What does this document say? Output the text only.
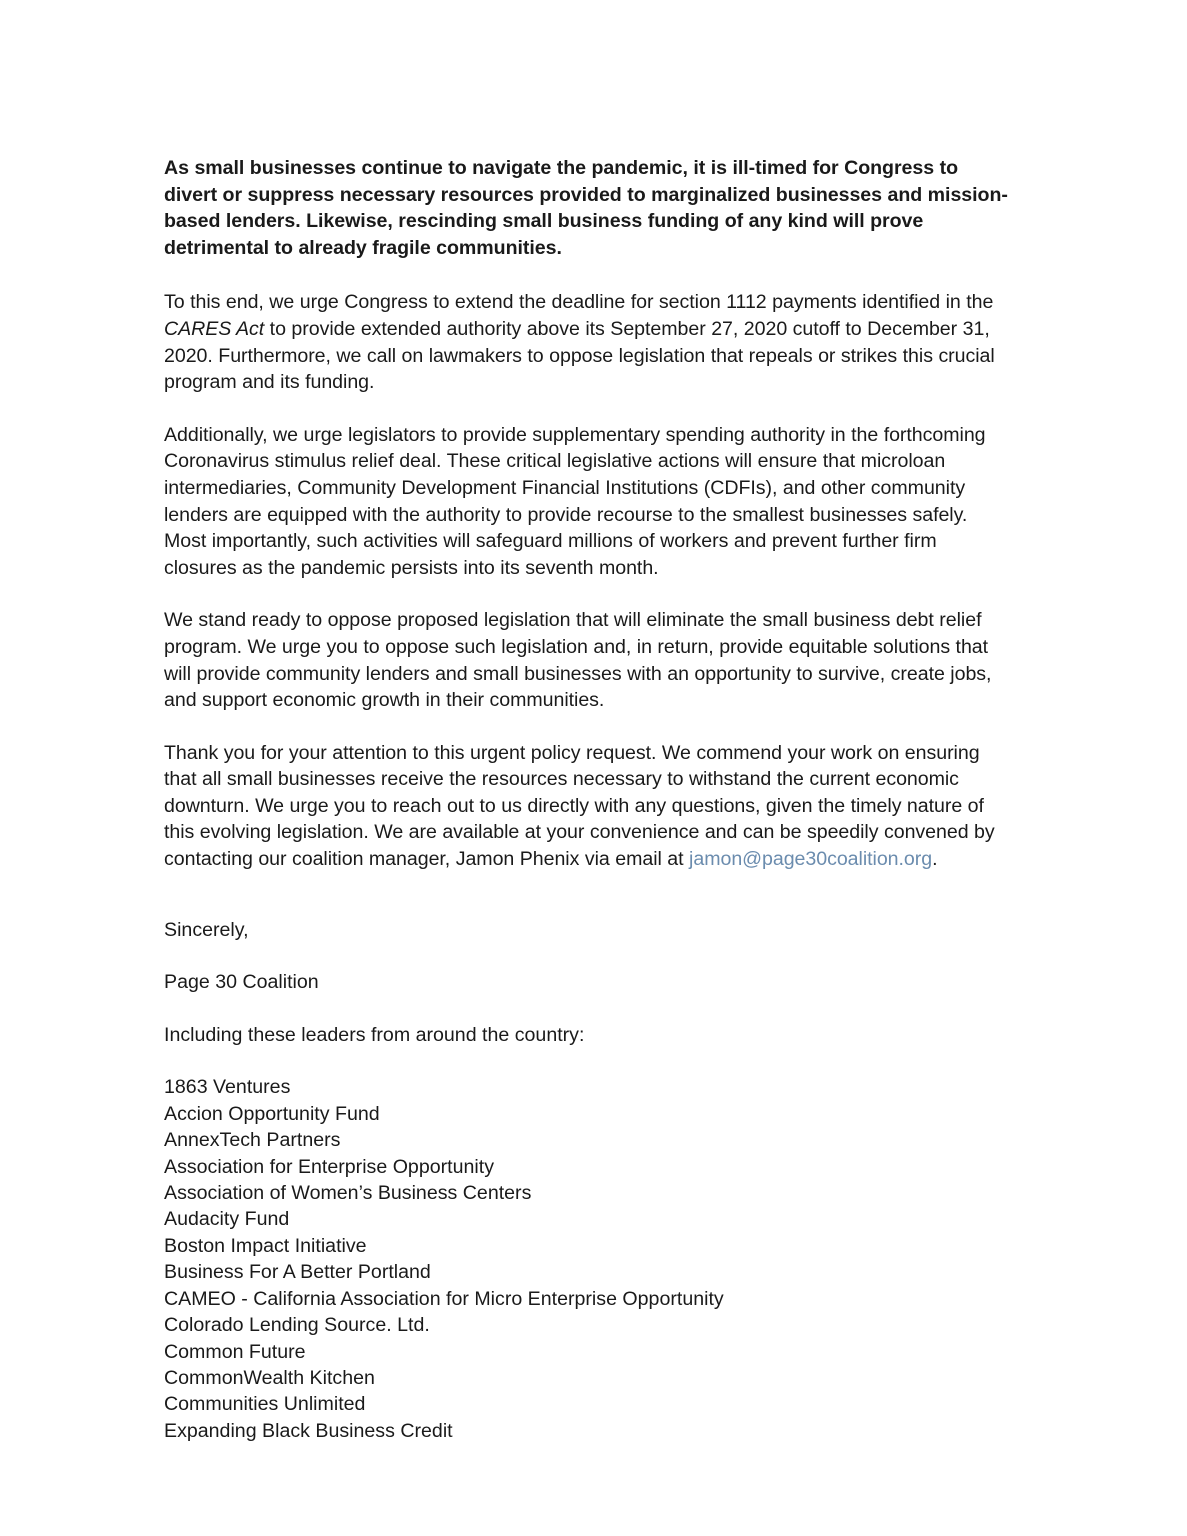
As small businesses continue to navigate the pandemic, it is ill-timed for Congress to divert or suppress necessary resources provided to marginalized businesses and mission-based lenders. Likewise, rescinding small business funding of any kind will prove detrimental to already fragile communities.

To this end, we urge Congress to extend the deadline for section 1112 payments identified in the CARES Act to provide extended authority above its September 27, 2020 cutoff to December 31, 2020. Furthermore, we call on lawmakers to oppose legislation that repeals or strikes this crucial program and its funding.

Additionally, we urge legislators to provide supplementary spending authority in the forthcoming Coronavirus stimulus relief deal. These critical legislative actions will ensure that microloan intermediaries, Community Development Financial Institutions (CDFIs), and other community lenders are equipped with the authority to provide recourse to the smallest businesses safely. Most importantly, such activities will safeguard millions of workers and prevent further firm closures as the pandemic persists into its seventh month.

We stand ready to oppose proposed legislation that will eliminate the small business debt relief program. We urge you to oppose such legislation and, in return, provide equitable solutions that will provide community lenders and small businesses with an opportunity to survive, create jobs, and support economic growth in their communities.

Thank you for your attention to this urgent policy request. We commend your work on ensuring that all small businesses receive the resources necessary to withstand the current economic downturn. We urge you to reach out to us directly with any questions, given the timely nature of this evolving legislation. We are available at your convenience and can be speedily convened by contacting our coalition manager, Jamon Phenix via email at jamon@page30coalition.org.

Sincerely,

Page 30 Coalition

Including these leaders from around the country:

1863 Ventures
Accion Opportunity Fund
AnnexTech Partners
Association for Enterprise Opportunity
Association of Women’s Business Centers
Audacity Fund
Boston Impact Initiative
Business For A Better Portland
CAMEO - California Association for Micro Enterprise Opportunity
Colorado Lending Source. Ltd.
Common Future
CommonWealth Kitchen
Communities Unlimited
Expanding Black Business Credit
